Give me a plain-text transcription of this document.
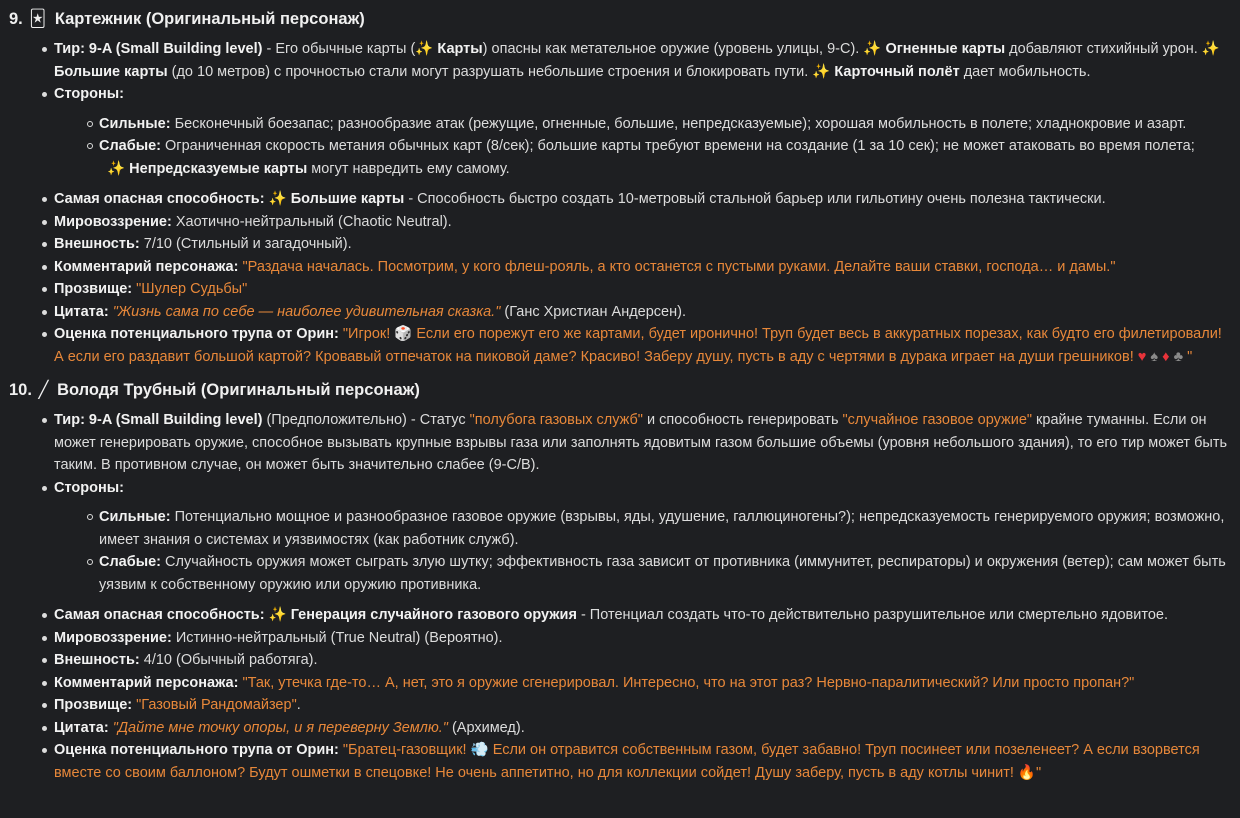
9. 🃏 Картежник (Оригинальный персонаж)
Тир: 9-A (Small Building level) - Его обычные карты (✨ Карты) опасны как метательное оружие (уровень улицы, 9-C). ✨ Огненные карты добавляют стихийный урон. ✨ Большие карты (до 10 метров) с прочностью стали могут разрушать небольшие строения и блокировать пути. ✨ Карточный полёт дает мобильность.
Стороны:
Сильные: Бесконечный боезапас; разнообразие атак (режущие, огненные, большие, непредсказуемые); хорошая мобильность в полете; хладнокровие и азарт.
Слабые: Ограниченная скорость метания обычных карт (8/сек); большие карты требуют времени на создание (1 за 10 сек); не может атаковать во время полета;
✨ Непредсказуемые карты могут навредить ему самому.
Самая опасная способность: ✨ Большие карты - Способность быстро создать 10-метровый стальной барьер или гильотину очень полезна тактически.
Мировоззрение: Хаотично-нейтральный (Chaotic Neutral).
Внешность: 7/10 (Стильный и загадочный).
Комментарий персонажа: "Раздача началась. Посмотрим, у кого флеш-рояль, а кто останется с пустыми руками. Делайте ваши ставки, господа… и дамы."
Прозвище: "Шулер Судьбы"
Цитата: "Жизнь сама по себе — наиболее удивительная сказка." (Ганс Христиан Андерсен).
Оценка потенциального трупа от Орин: "Игрок! 🎲 Если его порежут его же картами, будет иронично! Труп будет весь в аккуратных порезах, как будто его филетировали! А если его раздавит большой картой? Кровавый отпечаток на пиковой даме? Красиво! Заберу душу, пусть в аду с чертями в дурака играет на души грешников! ♥ ♠ ♦ ♣ "
10. ╱ Володя Трубный (Оригинальный персонаж)
Тир: 9-A (Small Building level) (Предположительно) - Статус "полубога газовых служб" и способность генерировать "случайное газовое оружие" крайне туманны. Если он может генерировать оружие, способное вызывать крупные взрывы газа или заполнять ядовитым газом большие объемы (уровня небольшого здания), то его тир может быть таким. В противном случае, он может быть значительно слабее (9-C/B).
Стороны:
Сильные: Потенциально мощное и разнообразное газовое оружие (взрывы, яды, удушение, галлюциногены?); непредсказуемость генерируемого оружия; возможно, имеет знания о системах и уязвимостях (как работник служб).
Слабые: Случайность оружия может сыграть злую шутку; эффективность газа зависит от противника (иммунитет, респираторы) и окружения (ветер); сам может быть уязвим к собственному оружию или оружию противника.
Самая опасная способность: ✨ Генерация случайного газового оружия - Потенциал создать что-то действительно разрушительное или смертельно ядовитое.
Мировоззрение: Истинно-нейтральный (True Neutral) (Вероятно).
Внешность: 4/10 (Обычный работяга).
Комментарий персонажа: "Так, утечка где-то… А, нет, это я оружие сгенерировал. Интересно, что на этот раз? Нервно-паралитический? Или просто пропан?"
Прозвище: "Газовый Рандомайзер".
Цитата: "Дайте мне точку опоры, и я переверну Землю." (Архимед).
Оценка потенциального трупа от Орин: "Братец-газовщик! 💨 Если он отравится собственным газом, будет забавно! Труп посинеет или позеленеет? А если взорвется вместе со своим баллоном? Будут ошметки в спецовке! Не очень аппетитно, но для коллекции сойдет! Душу заберу, пусть в аду котлы чинит! 🔥"
